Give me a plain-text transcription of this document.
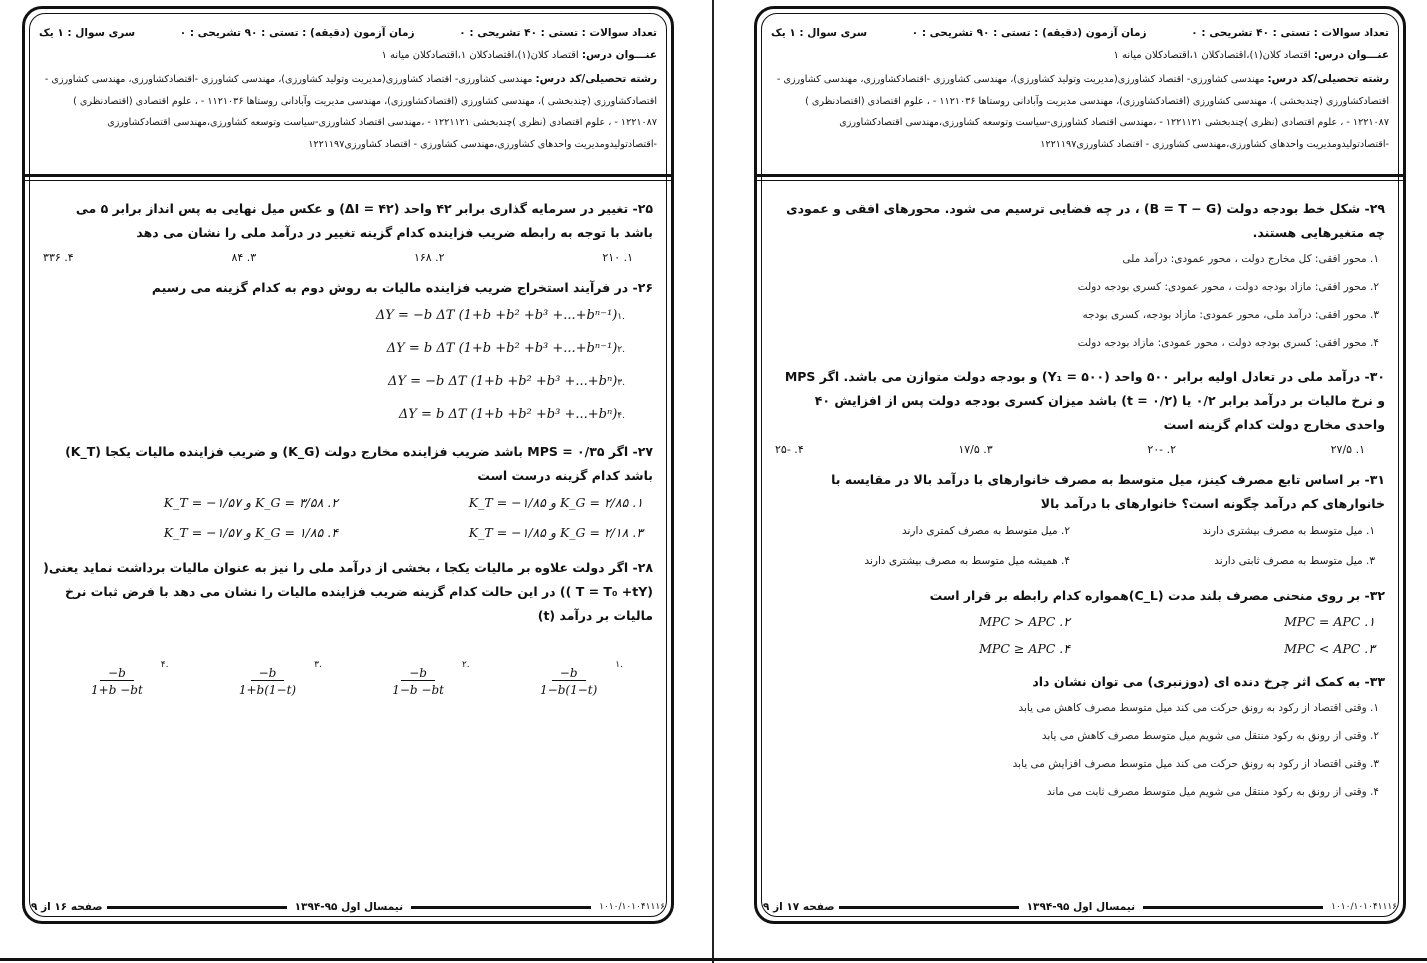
تعداد سوالات : تستی : ۴۰ تشریحی : ۰
زمان آزمون (دقیقه) : تستی : ۹۰ تشریحی : ۰
سری سوال : ۱ یک
عنـــوان درس: اقتصاد کلان(۱)،اقتصادکلان ۱،اقتصادکلان میانه ۱
رشته تحصیلی/کد درس: مهندسی کشاورزی- اقتصاد کشاورزی(مدیریت وتولید کشاورزی)، مهندسی کشاورزی -اقتصادکشاورزی، مهندسی کشاورزی - اقتصادکشاورزی (چندبخشی )، مهندسی کشاورزی (اقتصادکشاورزی)، مهندسی مدیریت وآبادانی روستاها ۱۱۲۱۰۳۶ - ، علوم اقتصادی (اقتصادنظری ) ۱۲۲۱۰۸۷ - ، علوم اقتصادی (نظری )چندبخشی ۱۲۲۱۱۲۱ - ،مهندسی اقتصاد کشاورزی-سیاست وتوسعه کشاورزی،مهندسی اقتصادکشاورزی -اقتصادتولیدومدیریت واحدهای کشاورزی،مهندسی کشاورزی - اقتصاد کشاورزی۱۲۲۱۱۹۷
۲۹- شکل خط بودجه دولت (B = T − G) ، در چه فضایی ترسیم می شود. محورهای افقی و عمودی چه متغیرهایی هستند.
۱. محور افقی: کل مخارج دولت ، محور عمودی: درآمد ملی
۲. محور افقی: مازاد بودجه دولت ، محور عمودی: کسری بودجه دولت
۳. محور افقی: درآمد ملی، محور عمودی: مازاد بودجه، کسری بودجه
۴. محور افقی: کسری بودجه دولت ، محور عمودی: مازاد بودجه دولت
۳۰- درآمد ملی در تعادل اولیه برابر ۵۰۰ واحد (Y₁ = ۵۰۰) و بودجه دولت متوازن می باشد. اگر MPS و نرخ مالیات بر درآمد برابر ۰/۲ یا (t = ۰/۲) باشد میزان کسری بودجه دولت پس از افزایش ۴۰ واحدی مخارج دولت کدام گزینه است
۱. ۲۷/۵
۲. -۲۰
۳. ۱۷/۵
۴. -۲۵
۳۱- بر اساس تابع مصرف کینز، میل متوسط به مصرف خانوارهای با درآمد بالا در مقایسه با خانوارهای کم درآمد چگونه است؟ خانوارهای با درآمد بالا
۱. میل متوسط به مصرف بیشتری دارند
۲. میل متوسط به مصرف کمتری دارند
۳. میل متوسط به مصرف ثابتی دارند
۴. همیشه میل متوسط به مصرف بیشتری دارند
۳۲- بر روی منحنی مصرف بلند مدت (C_L)همواره کدام رابطه بر قرار است
۱. MPC = APC
۲. MPC > APC
۳. MPC < APC
۴. MPC ≥ APC
۳۳- به کمک اثر چرخ دنده ای (دوزنبری) می توان نشان داد
۱. وقتی اقتصاد از رکود به رونق حرکت می کند میل متوسط مصرف کاهش می یابد
۲. وقتی از رونق به رکود منتقل می شویم میل متوسط مصرف کاهش می یابد
۳. وقتی اقتصاد از رکود به رونق حرکت می کند میل متوسط مصرف افزایش می یابد
۴. وقتی از رونق به رکود منتقل می شویم میل متوسط مصرف ثابت می ماند
۱۰۱۰/۱۰۱۰۴۱۱۱۶
نیمسال اول ۹۵-۱۳۹۴
صفحه ۱۷ از ۹
تعداد سوالات : تستی : ۴۰ تشریحی : ۰
زمان آزمون (دقیقه) : تستی : ۹۰ تشریحی : ۰
سری سوال : ۱ یک
عنـــوان درس: اقتصاد کلان(۱)،اقتصادکلان ۱،اقتصادکلان میانه ۱
رشته تحصیلی/کد درس: مهندسی کشاورزی- اقتصاد کشاورزی(مدیریت وتولید کشاورزی)، مهندسی کشاورزی -اقتصادکشاورزی، مهندسی کشاورزی - اقتصادکشاورزی (چندبخشی )، مهندسی کشاورزی (اقتصادکشاورزی)، مهندسی مدیریت وآبادانی روستاها ۱۱۲۱۰۳۶ - ، علوم اقتصادی (اقتصادنظری ) ۱۲۲۱۰۸۷ - ، علوم اقتصادی (نظری )چندبخشی ۱۲۲۱۱۲۱ - ،مهندسی اقتصاد کشاورزی-سیاست وتوسعه کشاورزی،مهندسی اقتصادکشاورزی -اقتصادتولیدومدیریت واحدهای کشاورزی،مهندسی کشاورزی - اقتصاد کشاورزی۱۲۲۱۱۹۷
۲۵- تغییر در سرمایه گذاری برابر ۴۲ واحد (ΔI = ۴۲) و عکس میل نهایی به پس انداز برابر ۵ می باشد با توجه به رابطه ضریب فزاینده کدام گزینه تغییر در درآمد ملی را نشان می دهد
۱. ۲۱۰
۲. ۱۶۸
۳. ۸۴
۴. ۳۳۶
۲۶- در فرآیند استخراج ضریب فزاینده مالیات به روش دوم به کدام گزینه می رسیم
ΔY = −b ΔT (1+b +b² +b³ +...+bⁿ⁻¹)۱.
ΔY = b ΔT (1+b +b² +b³ +...+bⁿ⁻¹)۲.
ΔY = −b ΔT (1+b +b² +b³ +...+bⁿ)۳.
ΔY = b ΔT (1+b +b² +b³ +...+bⁿ)۴.
۲۷- اگر MPS = ۰/۳۵ باشد ضریب فزاینده مخارج دولت (K_G) و ضریب فزاینده مالیات یکجا (K_T) باشد کدام گزینه درست است
۱. K_G = ۲/۸۵ و K_T = −۱/۸۵
۲. K_G = ۳/۵۸ و K_T = −۱/۵۷
۳. K_G = ۲/۱۸ و K_T = −۱/۸۵
۴. K_G = ۱/۸۵ و K_T = −۱/۵۷
۲۸- اگر دولت علاوه بر مالیات یکجا ، بخشی از درآمد ملی را نیز به عنوان مالیات برداشت نماید یعنی( (T = T₀ +tY )) در این حالت کدام گزینه ضریب فزاینده مالیات را نشان می دهد با فرض ثبات نرخ مالیات بر درآمد (t)
$\frac{-b}{1-b(1-t)}$
۱.
$\frac{-b}{1-b -bt}$
۲.
$\frac{-b}{1+b(1-t)}$
۳.
$\frac{-b}{1+b -bt}$
۴.
۱۰۱۰/۱۰۱۰۴۱۱۱۶
نیمسال اول ۹۵-۱۳۹۴
صفحه ۱۶ از ۹
